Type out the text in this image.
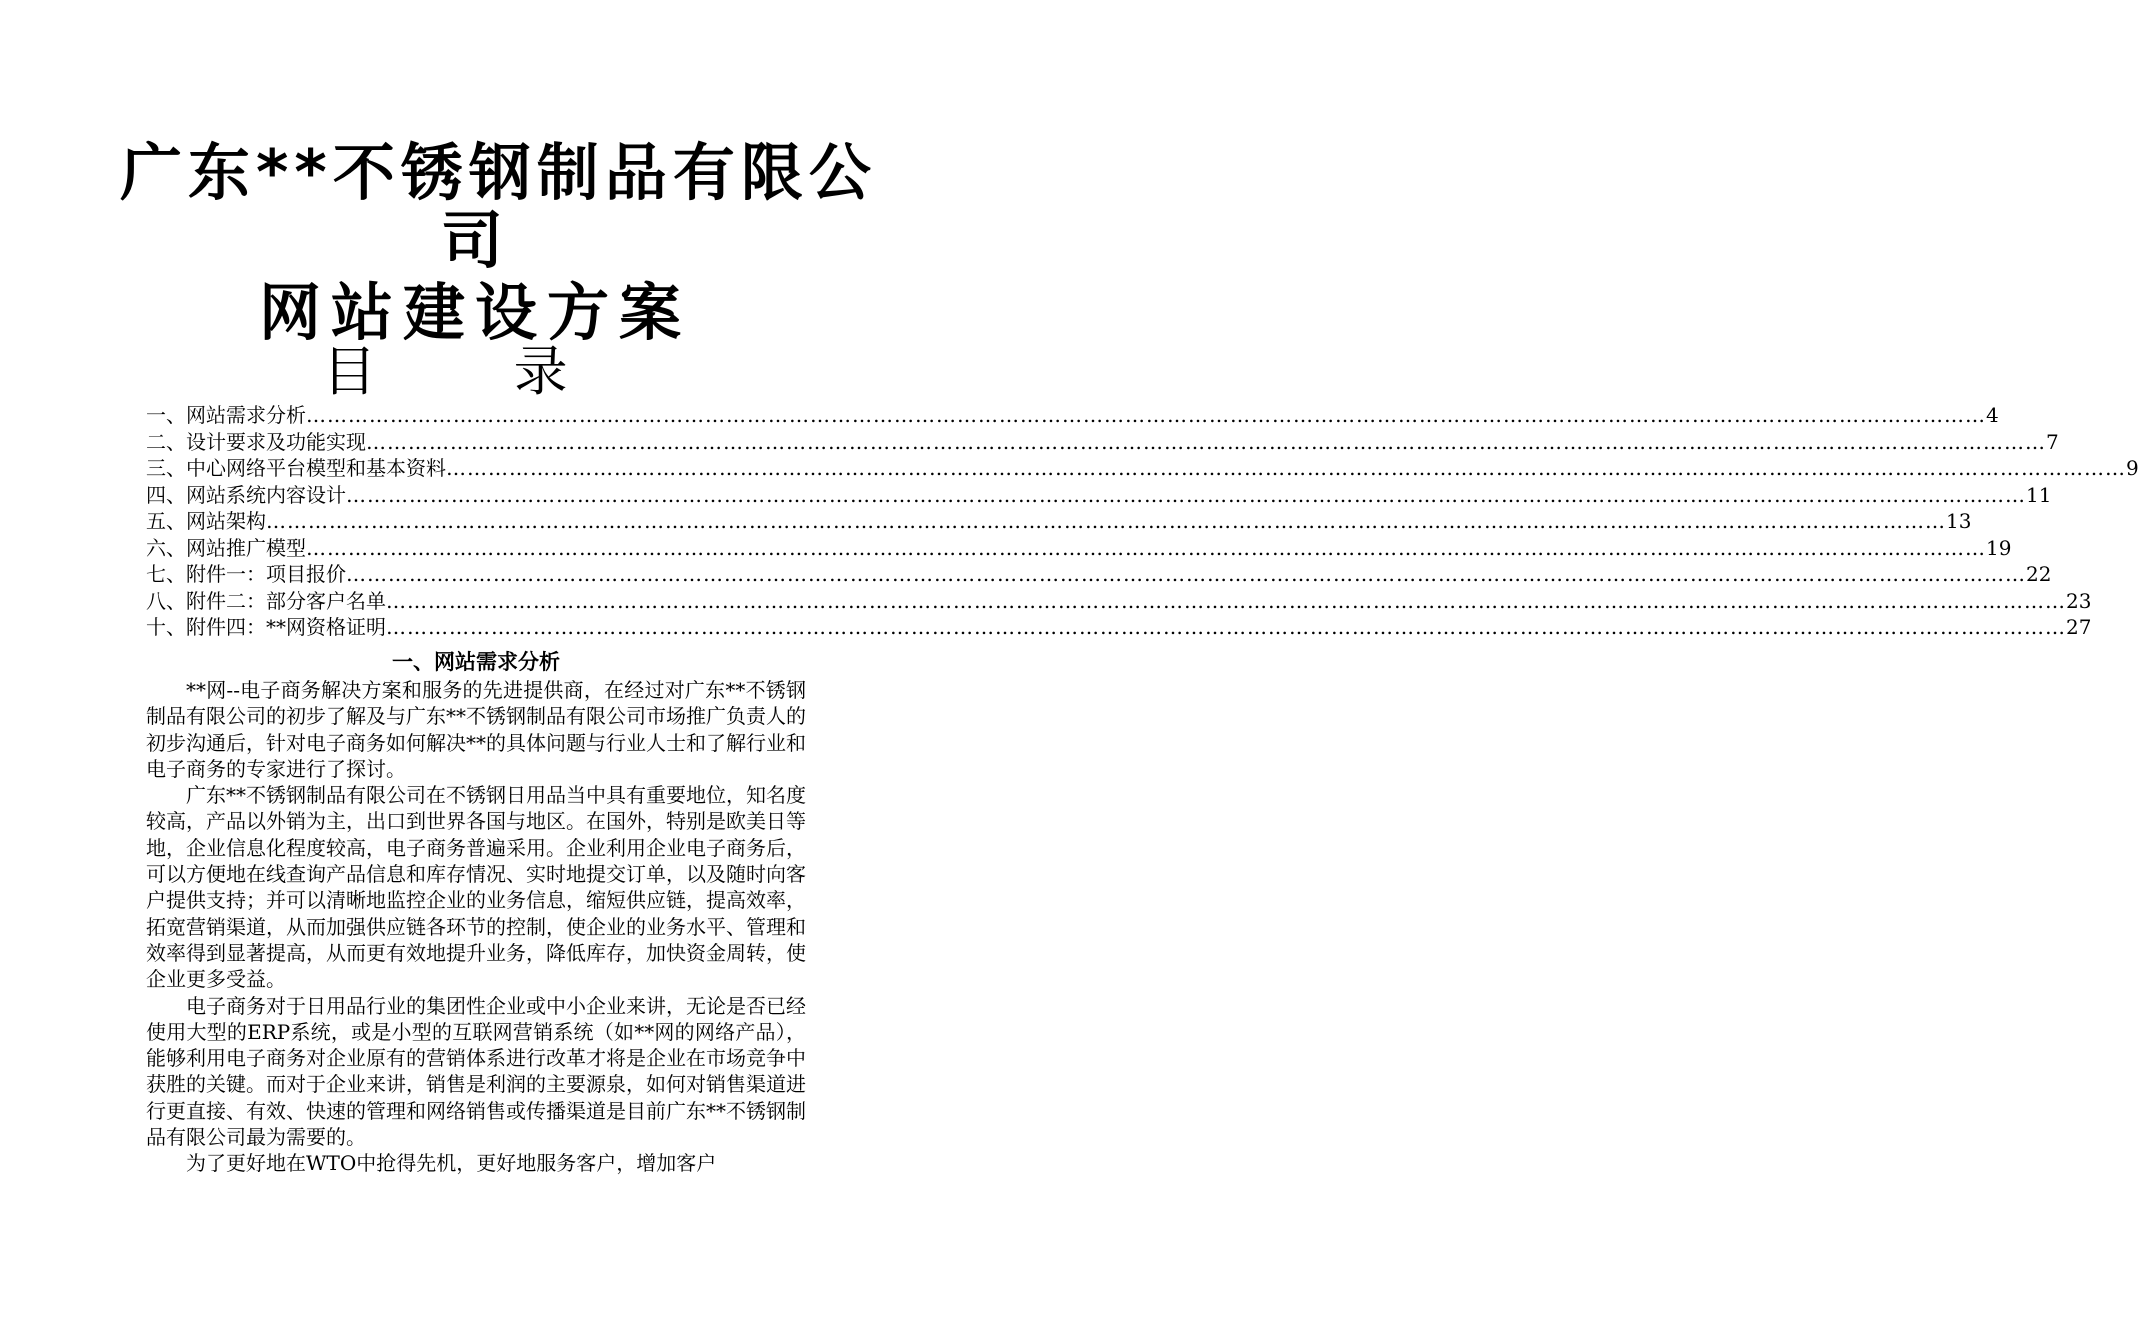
广东**不锈钢制品有限公
司
网站建设方案
目 录
一、网站需求分析 …………………………………………………………………………………………………………………………………………………………………………………………………………………… 4
二、设计要求及功能实现 …………………………………………………………………………………………………………………………………………………………………………………………………………………… 7
三、中心网络平台模型和基本资料 …………………………………………………………………………………………………………………………………………………………………………………………………………………… 9
四、网站系统内容设计 …………………………………………………………………………………………………………………………………………………………………………………………………………………… 11
五、网站架构 …………………………………………………………………………………………………………………………………………………………………………………………………………………… 13
六、网站推广模型 …………………………………………………………………………………………………………………………………………………………………………………………………………………… 19
七、附件一：项目报价 …………………………………………………………………………………………………………………………………………………………………………………………………………………… 22
八、附件二：部分客户名单 …………………………………………………………………………………………………………………………………………………………………………………………………………………… 23
十、附件四：**网资格证明 …………………………………………………………………………………………………………………………………………………………………………………………………………………… 27
一、网站需求分析

**网--电子商务解决方案和服务的先进提供商，在经过对广东**不锈钢制品有限公司的初步了解及与广东**不锈钢制品有限公司市场推广负责人的初步沟通后，针对电子商务如何解决**的具体问题与行业人士和了解行业和电子商务的专家进行了探讨。

广东**不锈钢制品有限公司在不锈钢日用品当中具有重要地位，知名度较高，产品以外销为主，出口到世界各国与地区。在国外，特别是欧美日等地，企业信息化程度较高，电子商务普遍采用。企业利用企业电子商务后，可以方便地在线查询产品信息和库存情况、实时地提交订单，以及随时向客户提供支持；并可以清晰地监控企业的业务信息，缩短供应链，提高效率，拓宽营销渠道，从而加强供应链各环节的控制，使企业的业务水平、管理和效率得到显著提高，从而更有效地提升业务，降低库存，加快资金周转，使企业更多受益。

电子商务对于日用品行业的集团性企业或中小企业来讲，无论是否已经使用大型的ERP系统，或是小型的互联网营销系统（如**网的网络产品），能够利用电子商务对企业原有的营销体系进行改革才将是企业在市场竞争中获胜的关键。而对于企业来讲，销售是利润的主要源泉，如何对销售渠道进行更直接、有效、快速的管理和网络销售或传播渠道是目前广东**不锈钢制品有限公司最为需要的。

为了更好地在WTO中抢得先机，更好地服务客户，增加客户
